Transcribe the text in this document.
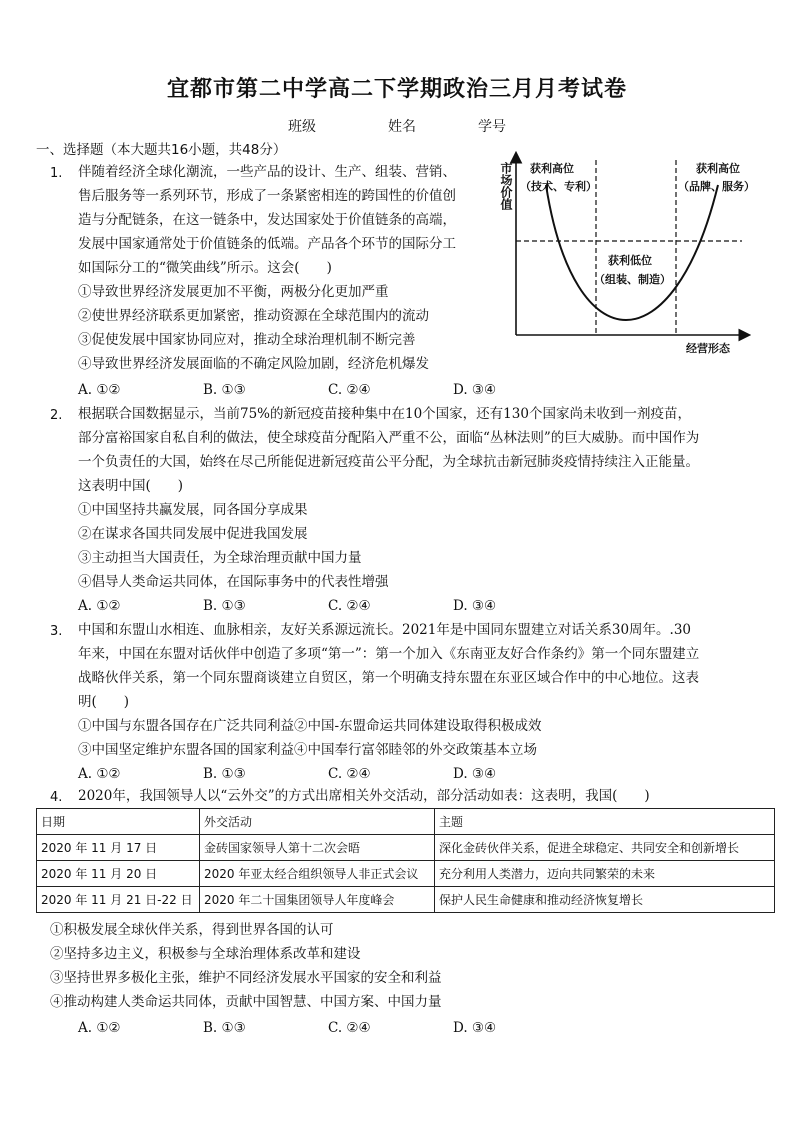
宜都市第二中学高二下学期政治三月月考试卷
班级	姓名	学号
一、选择题（本大题共16小题，共48分）
1. 伴随着经济全球化潮流，一些产品的设计、生产、组装、营销、
售后服务等一系列环节，形成了一条紧密相连的跨国性的价值创
造与分配链条，在这一链条中，发达国家处于价值链条的高端，
发展中国家通常处于价值链条的低端。产品各个环节的国际分工
如国际分工的“微笑曲线”所示。这会(　　)
①导致世界经济发展更加不平衡，两极分化更加严重
②使世界经济联系更加紧密，推动资源在全球范围内的流动
③促使发展中国家协同应对，推动全球治理机制不断完善
④导致世界经济发展面临的不确定风险加剧，经济危机爆发
A. ①②	B. ①③	C. ②④	D. ③④
市场价值
经营形态
获利高位
（技术、专利）
获利高位
（品牌、服务）
获利低位
（组装、制造）
2. 根据联合国数据显示，当前75%的新冠疫苗接种集中在10个国家，还有130个国家尚未收到一剂疫苗，
部分富裕国家自私自利的做法，使全球疫苗分配陷入严重不公，面临“丛林法则”的巨大威胁。而中国作为
一个负责任的大国，始终在尽己所能促进新冠疫苗公平分配，为全球抗击新冠肺炎疫情持续注入正能量。
这表明中国(　　)
①中国坚持共赢发展，同各国分享成果
②在谋求各国共同发展中促进我国发展
③主动担当大国责任，为全球治理贡献中国力量
④倡导人类命运共同体，在国际事务中的代表性增强
A. ①②	B. ①③	C. ②④	D. ③④
3. 中国和东盟山水相连、血脉相亲，友好关系源远流长。2021年是中国同东盟建立对话关系30周年。.30
年来，中国在东盟对话伙伴中创造了多项“第一”：第一个加入《东南亚友好合作条约》第一个同东盟建立
战略伙伴关系，第一个同东盟商谈建立自贸区，第一个明确支持东盟在东亚区域合作中的中心地位。这表
明(　　)
①中国与东盟各国存在广泛共同利益②中国-东盟命运共同体建设取得积极成效
③中国坚定维护东盟各国的国家利益④中国奉行富邻睦邻的外交政策基本立场
A. ①②	B. ①③	C. ②④	D. ③④
4. 2020年，我国领导人以“云外交”的方式出席相关外交活动，部分活动如表：这表明，我国(　　)
日期	外交活动	主题
2020 年 11 月 17 日	金砖国家领导人第十二次会晤	深化金砖伙伴关系，促进全球稳定、共同安全和创新增长
2020 年 11 月 20 日	2020 年亚太经合组织领导人非正式会议	充分利用人类潜力，迈向共同繁荣的未来
2020 年 11 月 21 日-22 日	2020 年二十国集团领导人年度峰会	保护人民生命健康和推动经济恢复增长
①积极发展全球伙伴关系，得到世界各国的认可
②坚持多边主义，积极参与全球治理体系改革和建设
③坚持世界多极化主张，维护不同经济发展水平国家的安全和利益
④推动构建人类命运共同体，贡献中国智慧、中国方案、中国力量
A. ①②	B. ①③	C. ②④	D. ③④
